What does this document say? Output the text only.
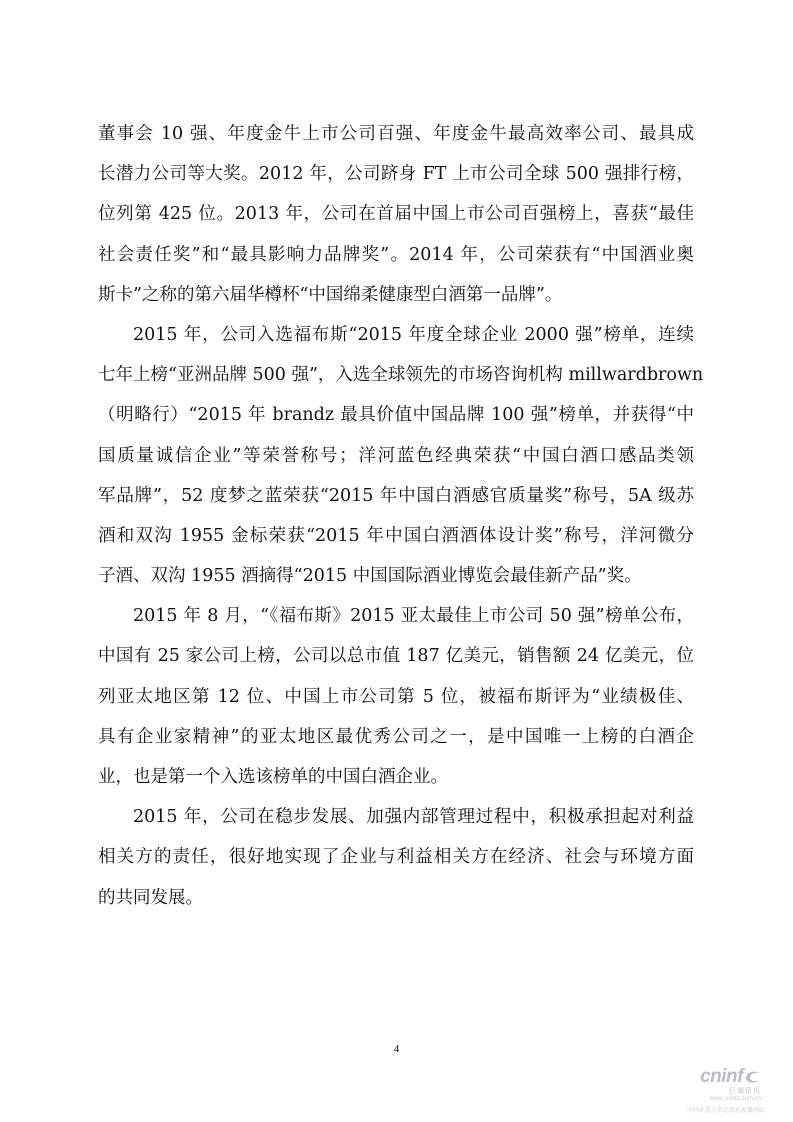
董事会 10 强、年度金牛上市公司百强、年度金牛最高效率公司、最具成
长潜力公司等大奖。2012 年，公司跻身 FT 上市公司全球 500 强排行榜，
位列第 425 位。2013 年，公司在首届中国上市公司百强榜上，喜获“最佳
社会责任奖”和“最具影响力品牌奖”。2014 年，公司荣获有“中国酒业奥
斯卡”之称的第六届华樽杯“中国绵柔健康型白酒第一品牌”。
2015 年，公司入选福布斯“2015 年度全球企业 2000 强”榜单，连续
七年上榜“亚洲品牌 500 强”，入选全球领先的市场咨询机构 millwardbrown
（明略行）“2015 年 brandz 最具价值中国品牌 100 强”榜单，并获得“中
国质量诚信企业”等荣誉称号；洋河蓝色经典荣获“中国白酒口感品类领
军品牌”，52 度梦之蓝荣获“2015 年中国白酒感官质量奖”称号，5A 级苏
酒和双沟 1955 金标荣获“2015 年中国白酒酒体设计奖”称号，洋河微分
子酒、双沟 1955 酒摘得“2015 中国国际酒业博览会最佳新产品”奖。
2015 年 8 月，“《福布斯》2015 亚太最佳上市公司 50 强”榜单公布，
中国有 25 家公司上榜，公司以总市值 187 亿美元，销售额 24 亿美元，位
列亚太地区第 12 位、中国上市公司第 5 位，被福布斯评为“业绩极佳、
具有企业家精神”的亚太地区最优秀公司之一，是中国唯一上榜的白酒企
业，也是第一个入选该榜单的中国白酒企业。
2015 年，公司在稳步发展、加强内部管理过程中，积极承担起对利益
相关方的责任，很好地实现了企业与利益相关方在经济、社会与环境方面
的共同发展。
4
cninf
巨潮资讯
www.cninfo.com.cn
中国证监会指定信息披露网站
